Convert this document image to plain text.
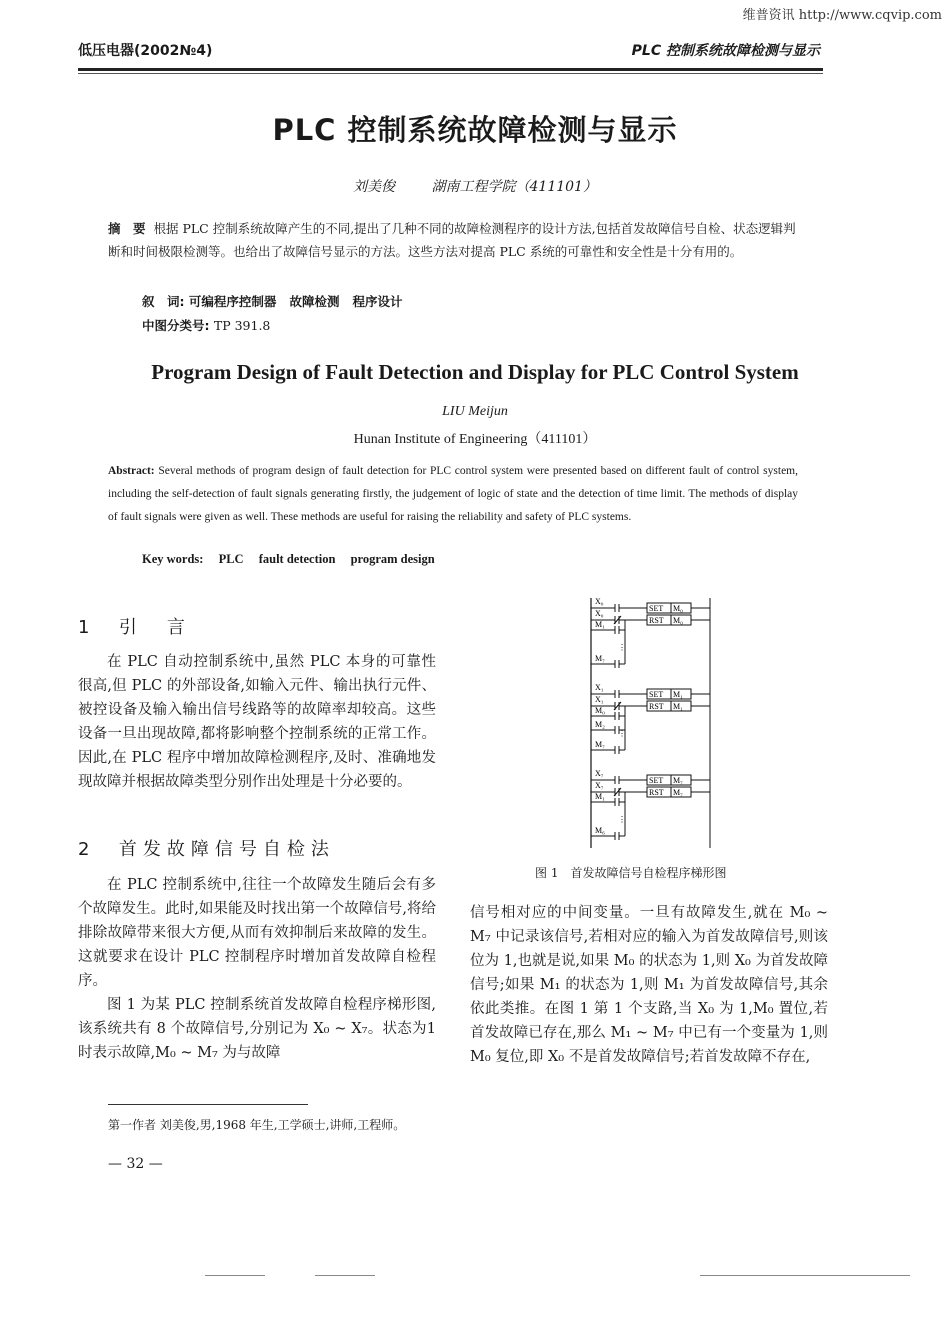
维普资讯 http://www.cqvip.com
低压电器(2002№4)	PLC 控制系统故障检测与显示
PLC 控制系统故障检测与显示
刘美俊	湖南工程学院（411101）
摘　要 根据 PLC 控制系统故障产生的不同,提出了几种不同的故障检测程序的设计方法,包括首发故障信号自检、状态逻辑判断和时间极限检测等。也给出了故障信号显示的方法。这些方法对提高 PLC 系统的可靠性和安全性是十分有用的。
叙　词: 可编程序控制器 故障检测 程序设计
中图分类号: TP 391.8
Program Design of Fault Detection and Display for PLC Control System
LIU Meijun
Hunan Institute of Engineering（411101）
Abstract: Several methods of program design of fault detection for PLC control system were presented based on different fault of control system, including the self-detection of fault signals generating firstly, the judgement of logic of state and the detection of time limit. The methods of display of fault signals were given as well. These methods are useful for raising the reliability and safety of PLC systems.
Key words: PLC fault detection program design
1 引　言

在 PLC 自动控制系统中,虽然 PLC 本身的可靠性很高,但 PLC 的外部设备,如输入元件、输出执行元件、被控设备及输入输出信号线路等的故障率却较高。这些设备一旦出现故障,都将影响整个控制系统的正常工作。因此,在 PLC 程序中增加故障检测程序,及时、准确地发现故障并根据故障类型分别作出处理是十分必要的。

2 首发故障信号自检法

在 PLC 控制系统中,往往一个故障发生随后会有多个故障发生。此时,如果能及时找出第一个故障信号,将给排除故障带来很大方便,从而有效抑制后来故障的发生。这就要求在设计 PLC 控制程序时增加首发故障自检程序。

图 1 为某 PLC 控制系统首发故障自检程序梯形图,该系统共有 8 个故障信号,分别记为 X₀ ~ X₇。状态为1时表示故障,M₀ ~ M₇ 为与故障

信号相对应的中间变量。一旦有故障发生,就在 M₀ ~ M₇ 中记录该信号,若相对应的输入为首发故障信号,则该位为 1,也就是说,如果 M₀ 的状态为 1,则 X₀ 为首发故障信号;如果 M₁ 的状态为 1,则 M₁ 为首发故障信号,其余依此类推。在图 1 第 1 个支路,当 X₀ 为 1,M₀ 置位,若首发故障已存在,那么 M₁ ~ M₇ 中已有一个变量为 1,则 M₀ 复位,即 X₀ 不是首发故障信号;若首发故障不存在,

X₀
SET M₀
X₀
RST M₀
M₁
⋮
M₇
X₁
SET M₁
X₁
RST M₁
M₀
M₂
⋮
M₇
X₇
SET M₇
X₇
RST M₇
M₁
⋮
M₆
图 1　首发故障信号自检程序梯形图
第一作者 刘美俊,男,1968 年生,工学硕士,讲师,工程师。
— 32 —
